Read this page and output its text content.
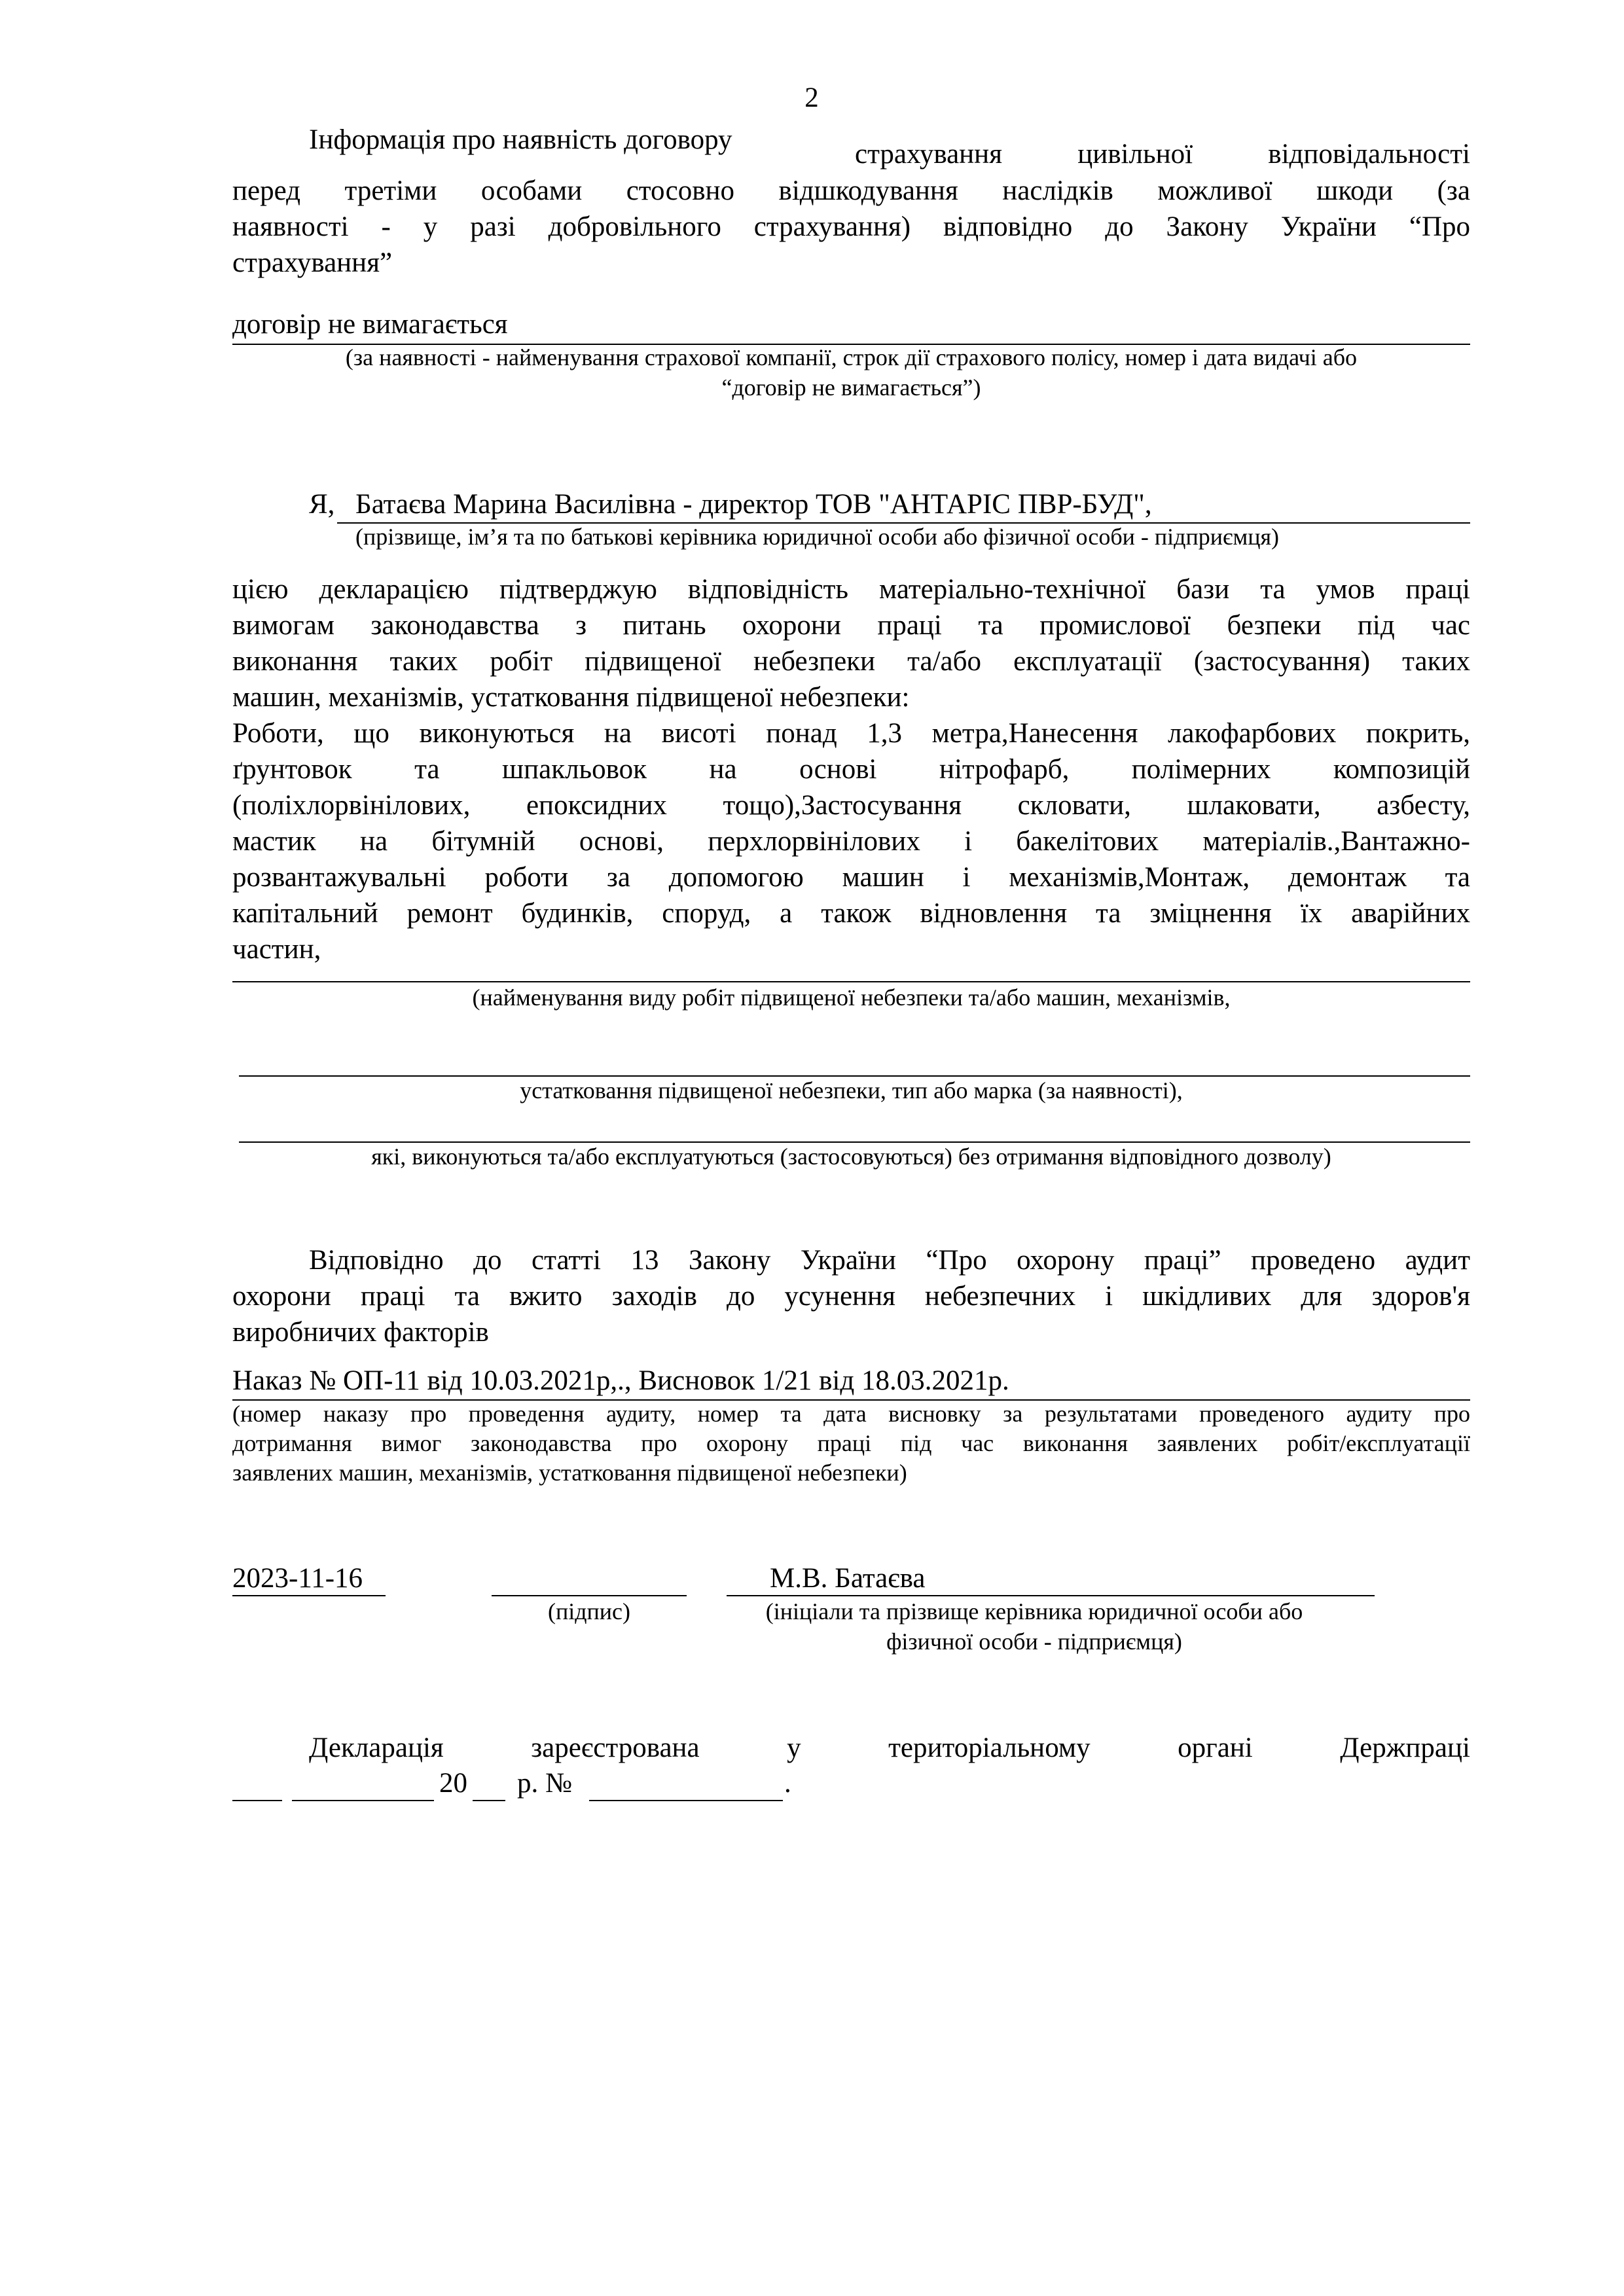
2
Інформація про наявність договору	страхування цивільної відповідальності
перед третіми особами стосовно відшкодування наслідків можливої шкоди (за
наявності - у разі добровільного страхування) відповідно до Закону України “Про
страхування”
договір не вимагається
(за наявності - найменування страхової компанії, строк дії страхового полісу, номер і дата видачі або
“договір не вимагається”)
Я, Батаєва Марина Василівна - директор ТОВ "АНТАРІС ПВР-БУД",
(прізвище, ім’я та по батькові керівника юридичної особи або фізичної особи - підприємця)
цією декларацією підтверджую відповідність матеріально-технічної бази та умов праці
вимогам законодавства з питань охорони праці та промислової безпеки під час
виконання таких робіт підвищеної небезпеки та/або експлуатації (застосування) таких
машин, механізмів, устатковання підвищеної небезпеки:
Роботи, що виконуються на висоті понад 1,3 метра,Нанесення лакофарбових покрить,
ґрунтовок та шпакльовок на основі нітрофарб, полімерних композицій
(поліхлорвінілових, епоксидних тощо),Застосування скловати, шлаковати, азбесту,
мастик на бітумній основі, перхлорвінілових і бакелітових матеріалів.,Вантажно-
розвантажувальні роботи за допомогою машин і механізмів,Монтаж, демонтаж та
капітальний ремонт будинків, споруд, а також відновлення та зміцнення їх аварійних
частин,
(найменування виду робіт підвищеної небезпеки та/або машин, механізмів,
устатковання підвищеної небезпеки, тип або марка (за наявності),
які, виконуються та/або експлуатуються (застосовуються) без отримання відповідного дозволу)
Відповідно до статті 13 Закону України “Про охорону праці” проведено аудит
охорони праці та вжито заходів до усунення небезпечних і шкідливих для здоров'я
виробничих факторів
Наказ № ОП-11 від 10.03.2021р,., Висновок 1/21 від 18.03.2021р.
(номер наказу про проведення аудиту, номер та дата висновку за результатами проведеного аудиту про
дотримання вимог законодавства про охорону праці під час виконання заявлених робіт/експлуатації
заявлених машин, механізмів, устатковання підвищеної небезпеки)
2023-11-16
(підпис)
М.В. Батаєва
(ініціали та прізвище керівника юридичної особи або
фізичної особи - підприємця)
Декларація	зареєстрована	у	територіальному	органі	Держпраці
20 р. №	.
